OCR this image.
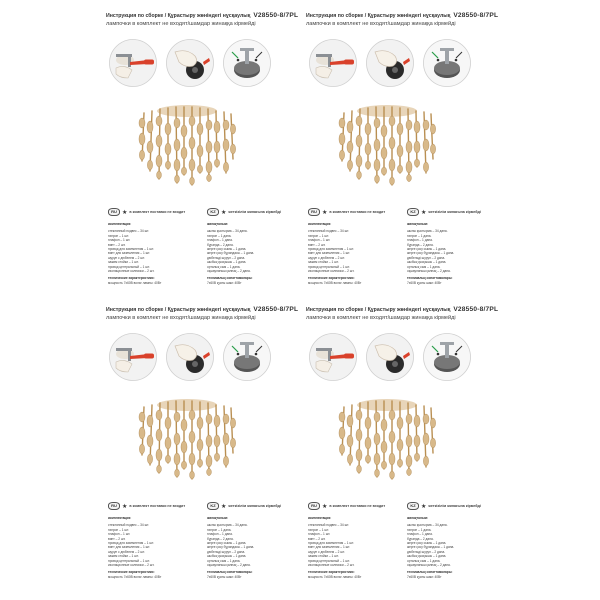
Инструкция по сборке / Құрастыру жөніндегі нұсқаулық V28550-8/7PL
лампочки в комплект не входят/шамдар жинаққа кірмейді
RU ★ в комплект поставки не входит	KZ ★ жеткізілім жинағына кірмейді
комплектация:
стеклянный подвес – 34 шт.
патрон – 1 шт.
плафон – 1 шт.
винт – 2 шт.
провод для заземления – 1 шт.
винт для заземления – 1 шт.
шуруп с дюбелем – 2 шт.
зажим стойки – 1 шт.
провод центральный – 1 шт.
изоляционные колпачки – 2 шт.
технические характеристики:
мощность 7x60B вольт лампы: 40Bт
жинақталым:
шыны қыстырма – 34 дана.
патрон – 1 дана.
плафон – 1 дана.
бұранда – 2 дана.
жерге қосу сымы – 1 дана.
жерге қосу бұрандасы – 1 дана.
дюбельді шуруп – 2 дана.
шыбық қысқышы – 1 дана.
орталық сым – 1 дана.
оқшаулағыш қалпақ – 2 дана.
техникалық сипаттамалары:
7x60B қуаты шам: 40Bт
Инструкция по сборке / Құрастыру жөніндегі нұсқаулық V28550-8/7PL
лампочки в комплект не входят/шамдар жинаққа кірмейді
RU ★ в комплект поставки не входит	KZ ★ жеткізілім жинағына кірмейді
комплектация:
стеклянный подвес – 34 шт.
патрон – 1 шт.
плафон – 1 шт.
винт – 2 шт.
провод для заземления – 1 шт.
винт для заземления – 1 шт.
шуруп с дюбелем – 2 шт.
зажим стойки – 1 шт.
провод центральный – 1 шт.
изоляционные колпачки – 2 шт.
технические характеристики:
мощность 7x60B вольт лампы: 40Bт
жинақталым:
шыны қыстырма – 34 дана.
патрон – 1 дана.
плафон – 1 дана.
бұранда – 2 дана.
жерге қосу сымы – 1 дана.
жерге қосу бұрандасы – 1 дана.
дюбельді шуруп – 2 дана.
шыбық қысқышы – 1 дана.
орталық сым – 1 дана.
оқшаулағыш қалпақ – 2 дана.
техникалық сипаттамалары:
7x60B қуаты шам: 40Bт
Инструкция по сборке / Құрастыру жөніндегі нұсқаулық V28550-8/7PL
лампочки в комплект не входят/шамдар жинаққа кірмейді
RU ★ в комплект поставки не входит	KZ ★ жеткізілім жинағына кірмейді
комплектация:
стеклянный подвес – 34 шт.
патрон – 1 шт.
плафон – 1 шт.
винт – 2 шт.
провод для заземления – 1 шт.
винт для заземления – 1 шт.
шуруп с дюбелем – 2 шт.
зажим стойки – 1 шт.
провод центральный – 1 шт.
изоляционные колпачки – 2 шт.
технические характеристики:
мощность 7x60B вольт лампы: 40Bт
жинақталым:
шыны қыстырма – 34 дана.
патрон – 1 дана.
плафон – 1 дана.
бұранда – 2 дана.
жерге қосу сымы – 1 дана.
жерге қосу бұрандасы – 1 дана.
дюбельді шуруп – 2 дана.
шыбық қысқышы – 1 дана.
орталық сым – 1 дана.
оқшаулағыш қалпақ – 2 дана.
техникалық сипаттамалары:
7x60B қуаты шам: 40Bт
Инструкция по сборке / Құрастыру жөніндегі нұсқаулық V28550-8/7PL
лампочки в комплект не входят/шамдар жинаққа кірмейді
RU ★ в комплект поставки не входит	KZ ★ жеткізілім жинағына кірмейді
комплектация:
стеклянный подвес – 34 шт.
патрон – 1 шт.
плафон – 1 шт.
винт – 2 шт.
провод для заземления – 1 шт.
винт для заземления – 1 шт.
шуруп с дюбелем – 2 шт.
зажим стойки – 1 шт.
провод центральный – 1 шт.
изоляционные колпачки – 2 шт.
технические характеристики:
мощность 7x60B вольт лампы: 40Bт
жинақталым:
шыны қыстырма – 34 дана.
патрон – 1 дана.
плафон – 1 дана.
бұранда – 2 дана.
жерге қосу сымы – 1 дана.
жерге қосу бұрандасы – 1 дана.
дюбельді шуруп – 2 дана.
шыбық қысқышы – 1 дана.
орталық сым – 1 дана.
оқшаулағыш қалпақ – 2 дана.
техникалық сипаттамалары:
7x60B қуаты шам: 40Bт
